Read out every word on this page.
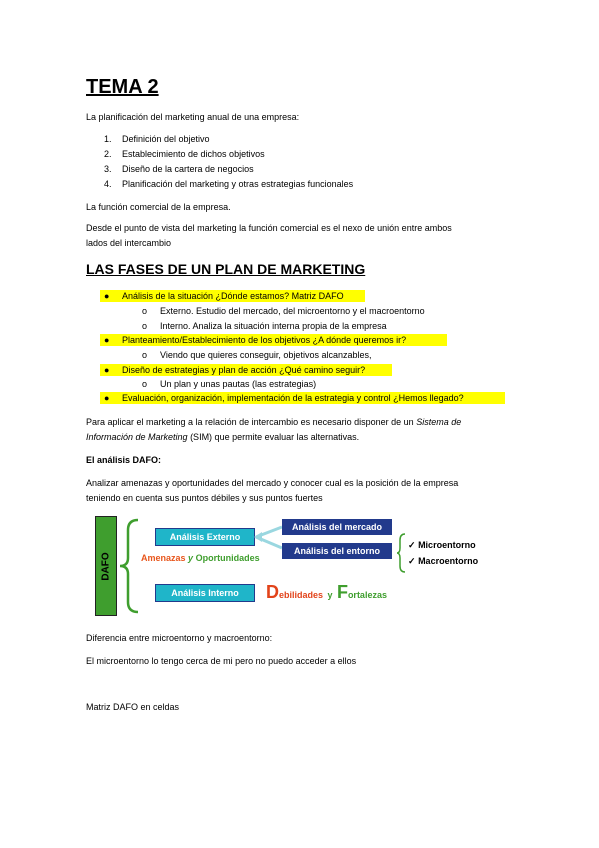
TEMA 2
La planificación del marketing anual de una empresa:
1. Definición del objetivo
2. Establecimiento de dichos objetivos
3. Diseño de la cartera de negocios
4. Planificación del marketing y otras estrategias funcionales
La función comercial de la empresa.
Desde el punto de vista del marketing la función comercial es el nexo de unión entre ambos
lados del intercambio
LAS FASES DE UN PLAN DE MARKETING
● Análisis de la situación ¿Dónde estamos? Matriz DAFO
o Externo. Estudio del mercado, del microentorno y el macroentorno
o Interno. Analiza la situación interna propia de la empresa
● Planteamiento/Establecimiento de los objetivos ¿A dónde queremos ir?
o Viendo que quieres conseguir, objetivos alcanzables,
● Diseño de estrategias y plan de acción ¿Qué camino seguir?
o Un plan y unas pautas (las estrategias)
● Evaluación, organización, implementación de la estrategia y control ¿Hemos llegado?
Para aplicar el marketing a la relación de intercambio es necesario disponer de un Sistema de
Información de Marketing (SIM) que permite evaluar las alternativas.
El análisis DAFO:
Analizar amenazas y oportunidades del mercado y conocer cual es la posición de la empresa
teniendo en cuenta sus puntos débiles y sus puntos fuertes
DAFO
Análisis Externo
Análisis Interno
Amenazas y Oportunidades
Análisis del mercado
Análisis del entorno
✓ Microentorno
✓ Macroentorno
Debilidades y Fortalezas
Diferencia entre microentorno y macroentorno:
El microentorno lo tengo cerca de mi pero no puedo acceder a ellos
Matriz DAFO en celdas
